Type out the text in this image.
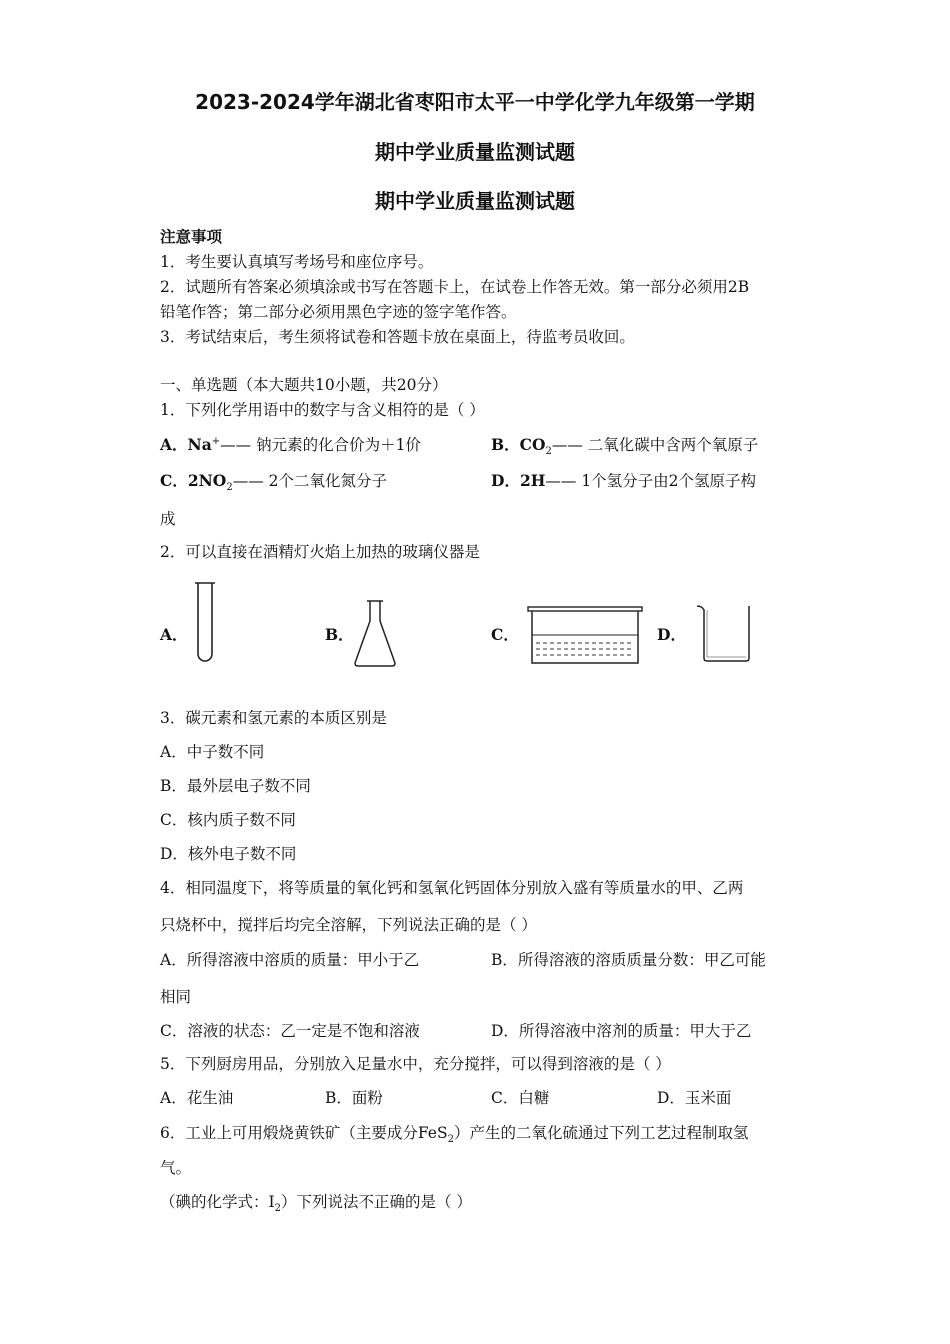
2023-2024学年湖北省枣阳市太平一中学化学九年级第一学期
期中学业质量监测试题
期中学业质量监测试题
注意事项
1．考生要认真填写考场号和座位序号。
2．试题所有答案必须填涂或书写在答题卡上，在试卷上作答无效。第一部分必须用2B
铅笔作答；第二部分必须用黑色字迹的签字笔作答。
3．考试结束后，考生须将试卷和答题卡放在桌面上，待监考员收回。
一、单选题（本大题共10小题，共20分）
1．下列化学用语中的数字与含义相符的是（ ）
A．Na+—— 钠元素的化合价为＋1价	B．$CO_2——$ 二氧化碳中含两个氧原子
C．$2NO_2——$ 2个二氧化氮分子	D．2H—— 1个氢分子由2个氢原子构
成
2．可以直接在酒精灯火焰上加热的玻璃仪器是
A．	B．	C．	D．
3．碳元素和氢元素的本质区别是
A．中子数不同
B．最外层电子数不同
C．核内质子数不同
D．核外电子数不同
4．相同温度下，将等质量的氧化钙和氢氧化钙固体分别放入盛有等质量水的甲、乙两
只烧杯中，搅拌后均完全溶解，下列说法正确的是（ ）
A．所得溶液中溶质的质量：甲小于乙	B．所得溶液的溶质质量分数：甲乙可能
相同
C．溶液的状态：乙一定是不饱和溶液	D．所得溶液中溶剂的质量：甲大于乙
5．下列厨房用品，分别放入足量水中，充分搅拌，可以得到溶液的是（ ）
A．花生油	B．面粉	C．白糖	D．玉米面
6．工业上可用煅烧黄铁矿（主要成分FeS$_2$）产生的二氧化硫通过下列工艺过程制取氢
气。
（碘的化学式：$I_2$）下列说法不正确的是（ ）
